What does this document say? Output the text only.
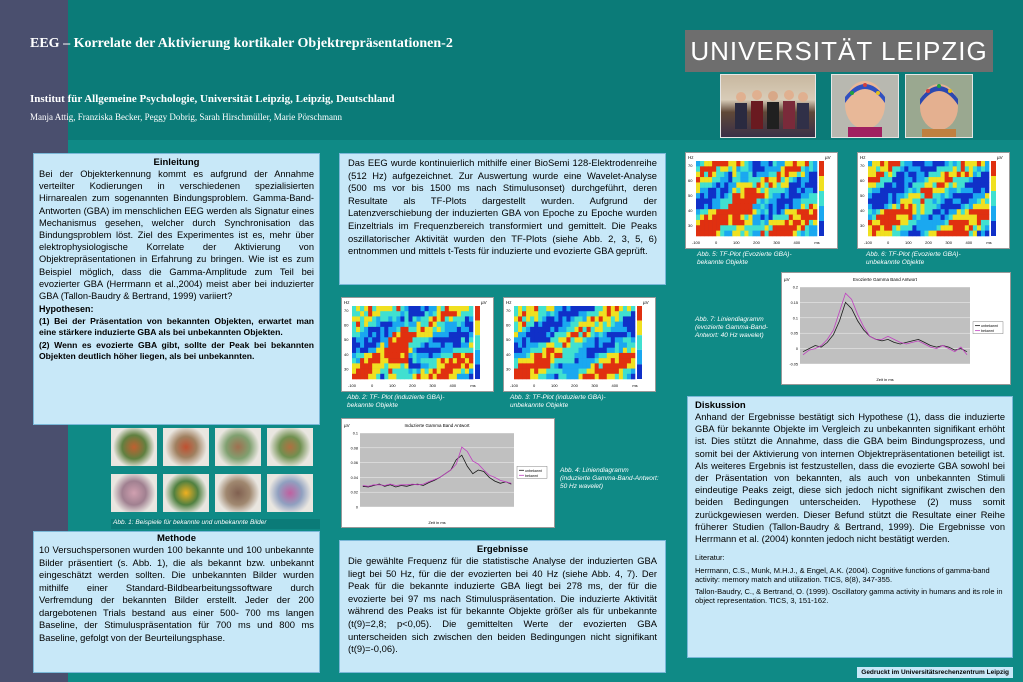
EEG – Korrelate der Aktivierung kortikaler Objektrepräsentationen-2
Institut für Allgemeine Psychologie, Universität Leipzig, Leipzig, Deutschland
Manja Attig, Franziska Becker, Peggy Dobrig, Sarah Hirschmüller, Marie Pörschmann
UNIVERSITÄT LEIPZIG
Einleitung

Bei der Objekterkennung kommt es aufgrund der Annahme verteilter Kodierungen in verschiedenen spezialisierten Hirnarealen zum sogenannten Bindungsproblem. Gamma-Band-Antworten (GBA) im menschlichen EEG werden als Signatur eines Mechanismus gesehen, welcher durch Synchronisation das Bindungsproblem löst. Ziel des Experimentes ist es, mehr über elektrophysiologische Korrelate der Aktivierung von Objektrepräsentationen in Erfahrung zu bringen. Wie ist es zum Beispiel möglich, dass die Gamma-Amplitude zum Teil bei evozierter GBA (Herrmann et al.,2004) meist aber bei induzierter GBA (Tallon-Baudry & Bertrand, 1999) variiert?

Hypothesen:

(1) Bei der Präsentation von bekannten Objekten, erwartet man eine stärkere induzierte GBA als bei unbekannten Objekten.

(2) Wenn es evozierte GBA gibt, sollte der Peak bei bekannten Objekten deutlich höher liegen, als bei unbekannten.

Abb. 1: Beispiele für bekannte und unbekannte Bilder
Methode

10 Versuchspersonen wurden 100 bekannte und 100 unbekannte Bilder präsentiert (s. Abb. 1), die als bekannt bzw. unbekannt eingeschätzt werden sollten. Die unbekannten Bilder wurden mithilfe einer Standard-Bildbearbeitungssoftware durch Verfremdung der bekannten Bilder erstellt. Jeder der 200 dargebotenen Trials bestand aus einer 500- 700 ms langen Baseline, der Stimuluspräsentation für 700 ms und 800 ms Baseline, gefolgt von der Beurteilungsphase.

Das EEG wurde kontinuierlich mithilfe einer BioSemi 128-Elektrodenreihe (512 Hz) aufgezeichnet. Zur Auswertung wurde eine Wavelet-Analyse (500 ms vor bis 1500 ms nach Stimulusonset) durchgeführt, deren Resultate als TF-Plots dargestellt wurden. Aufgrund der Latenzverschiebung der induzierten GBA von Epoche zu Epoche wurden Einzeltrials im Frequenzbereich transformiert und gemittelt. Die Peaks oszillatorischer Aktivität wurden den TF-Plots (siehe Abb. 2, 3, 5, 6) entnommen und mittels t-Tests für induzierte und evozierte GBA geprüft.

Hz	µV
70
60
50
40
30
-100	0	100	200	300	400	ms
Abb. 2: TF- Plot (induzierte GBA)-bekannte Objekte
Hz	µV
70
60
50
40
30
-100	0	100	200	300	400	ms
Abb. 3: TF-Plot (induzierte GBA)-unbekannte Objekte
Induzierte Gamma Band Antwort
µV
Zeit in ms
0.1
0.08
0.06
0.04
0.02
0
unbekannt
bekannt
Abb. 4: Liniendiagramm (induzierte Gamma-Band-Antwort: 50 Hz wavelet)
Ergebnisse

Die gewählte Frequenz für die statistische Analyse der induzierten GBA liegt bei 50 Hz, für die der evozierten bei 40 Hz (siehe Abb. 4, 7). Der Peak für die bekannte induzierte GBA liegt bei 278 ms, der für die evozierte bei 97 ms nach Stimuluspräsentation. Die induzierte Aktivität während des Peaks ist für bekannte Objekte größer als für unbekannte (t(9)=2,8; p<0,05). Die gemittelten Werte der evozierten GBA unterscheiden sich zwischen den beiden Bedingungen nicht signifikant (t(9)=-0,06).

Hz	µV
70
60
50
40
30
-100	0	100	200	300	400	ms
Abb. 5: TF-Plot (Evozierte GBA)-bekannte Objekte
Hz	µV
70
60
50
40
30
-100	0	100	200	300	400	ms
Abb. 6: TF-Plot (Evozierte GBA)-unbekannte Objekte
Abb. 7: Liniendiagramm (evozierte Gamma-Band-Antwort: 40 Hz wavelet)
Evozierte Gamma Band Antwort
µV
Zeit in ms
0.2
0.15
0.1
0.05
0
-0.05
unbekannt
bekannt
Diskussion

Anhand der Ergebnisse bestätigt sich Hypothese (1), dass die induzierte GBA für bekannte Objekte im Vergleich zu unbekannten signifikant erhöht ist. Dies stützt die Annahme, dass die GBA beim Bindungsprozess, und somit bei der Aktivierung von internen Objektrepräsentationen beteiligt ist. Als weiteres Ergebnis ist festzustellen, dass die evozierte GBA sowohl bei der Präsentation von bekannten, als auch von unbekannten Stimuli eindeutige Peaks zeigt, diese sich jedoch nicht signifikant zwischen den beiden Bedingungen unterscheiden. Hypothese (2) muss somit zurückgewiesen werden. Dieser Befund stützt die Resultate einer Reihe früherer Studien (Tallon-Baudry & Bertrand, 1999). Die Ergebnisse von Herrmann et al. (2004) konnten jedoch nicht bestätigt werden.

Literatur:
Herrmann, C.S., Munk, M.H.J., & Engel, A.K. (2004). Cognitive functions of gamma-band activity: memory match and utilization. TICS, 8(8), 347-355.
Tallon-Baudry, C., & Bertrand, O. (1999). Oscillatory gamma activity in humans and its role in object representation. TICS, 3, 151-162.
Gedruckt im Universitätsrechenzentrum Leipzig
